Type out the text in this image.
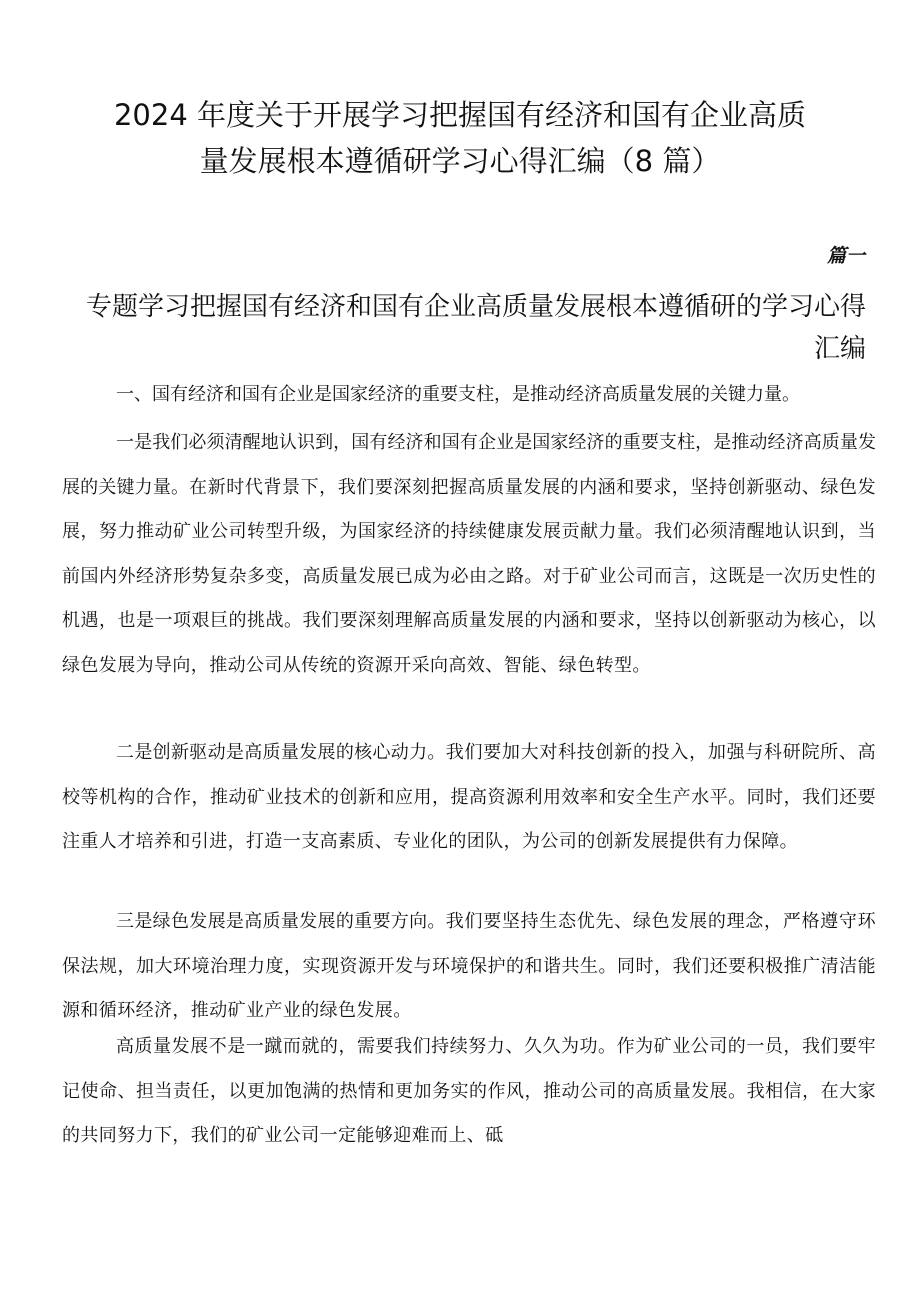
2024 年度关于开展学习把握国有经济和国有企业高质
量发展根本遵循研学习心得汇编（8 篇）
篇一
专题学习把握国有经济和国有企业高质量发展根本遵循研的学习心得
汇编
一、国有经济和国有企业是国家经济的重要支柱，是推动经济高质量发展的关键力量。

一是我们必须清醒地认识到，国有经济和国有企业是国家经济的重要支柱，是推动经济高质量发展的关键力量。在新时代背景下，我们要深刻把握高质量发展的内涵和要求，坚持创新驱动、绿色发展，努力推动矿业公司转型升级，为国家经济的持续健康发展贡献力量。我们必须清醒地认识到，当前国内外经济形势复杂多变，高质量发展已成为必由之路。对于矿业公司而言，这既是一次历史性的机遇，也是一项艰巨的挑战。我们要深刻理解高质量发展的内涵和要求，坚持以创新驱动为核心，以绿色发展为导向，推动公司从传统的资源开采向高效、智能、绿色转型。

二是创新驱动是高质量发展的核心动力。我们要加大对科技创新的投入，加强与科研院所、高校等机构的合作，推动矿业技术的创新和应用，提高资源利用效率和安全生产水平。同时，我们还要注重人才培养和引进，打造一支高素质、专业化的团队，为公司的创新发展提供有力保障。

三是绿色发展是高质量发展的重要方向。我们要坚持生态优先、绿色发展的理念，严格遵守环保法规，加大环境治理力度，实现资源开发与环境保护的和谐共生。同时，我们还要积极推广清洁能源和循环经济，推动矿业产业的绿色发展。

高质量发展不是一蹴而就的，需要我们持续努力、久久为功。作为矿业公司的一员，我们要牢记使命、担当责任，以更加饱满的热情和更加务实的作风，推动公司的高质量发展。我相信，在大家的共同努力下，我们的矿业公司一定能够迎难而上、砥
